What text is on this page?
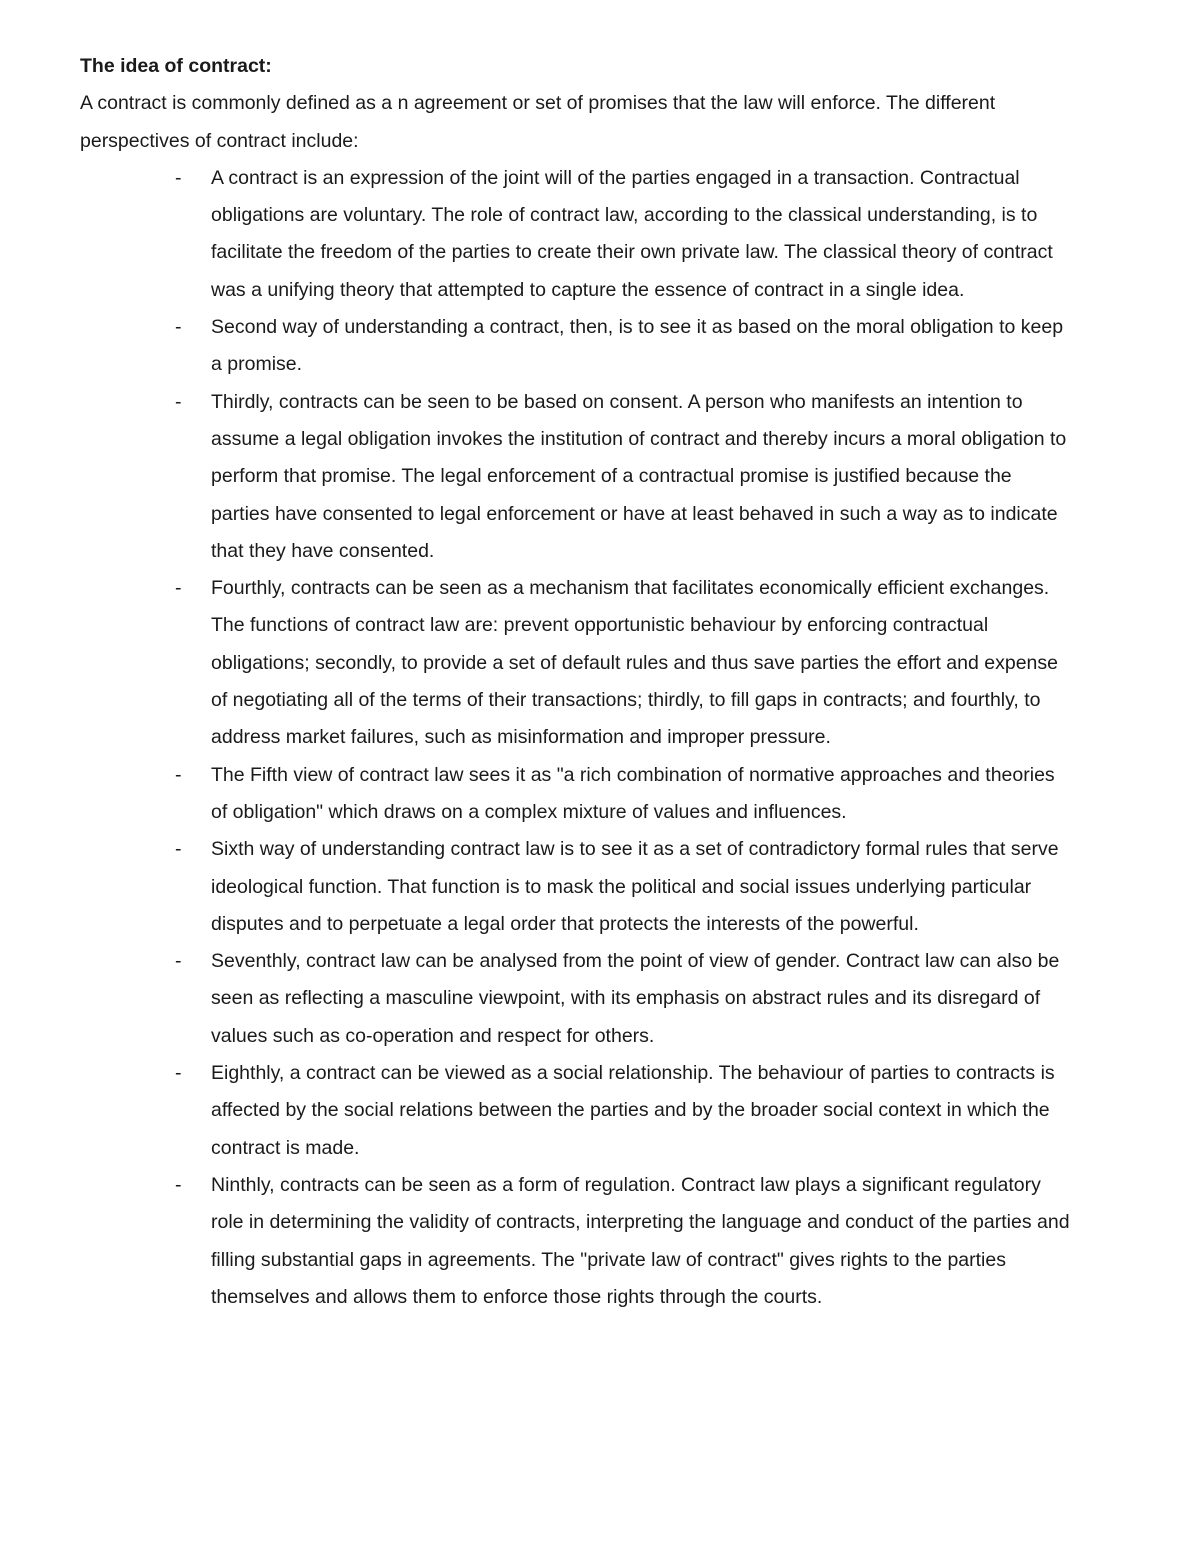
The idea of contract:

A contract is commonly defined as a n agreement or set of promises that the law will enforce. The different perspectives of contract include:

- A contract is an expression of the joint will of the parties engaged in a transaction. Contractual obligations are voluntary. The role of contract law, according to the classical understanding, is to facilitate the freedom of the parties to create their own private law. The classical theory of contract was a unifying theory that attempted to capture the essence of contract in a single idea.
- Second way of understanding a contract, then, is to see it as based on the moral obligation to keep a promise.
- Thirdly, contracts can be seen to be based on consent. A person who manifests an intention to assume a legal obligation invokes the institution of contract and thereby incurs a moral obligation to perform that promise. The legal enforcement of a contractual promise is justified because the parties have consented to legal enforcement or have at least behaved in such a way as to indicate that they have consented.
- Fourthly, contracts can be seen as a mechanism that facilitates economically efficient exchanges. The functions of contract law are: prevent opportunistic behaviour by enforcing contractual obligations; secondly, to provide a set of default rules and thus save parties the effort and expense of negotiating all of the terms of their transactions; thirdly, to fill gaps in contracts; and fourthly, to address market failures, such as misinformation and improper pressure.
- The Fifth view of contract law sees it as "a rich combination of normative approaches and theories of obligation" which draws on a complex mixture of values and influences.
- Sixth way of understanding contract law is to see it as a set of contradictory formal rules that serve ideological function. That function is to mask the political and social issues underlying particular disputes and to perpetuate a legal order that protects the interests of the powerful.
- Seventhly, contract law can be analysed from the point of view of gender. Contract law can also be seen as reflecting a masculine viewpoint, with its emphasis on abstract rules and its disregard of values such as co-operation and respect for others.
- Eighthly, a contract can be viewed as a social relationship. The behaviour of parties to contracts is affected by the social relations between the parties and by the broader social context in which the contract is made.
- Ninthly, contracts can be seen as a form of regulation. Contract law plays a significant regulatory role in determining the validity of contracts, interpreting the language and conduct of the parties and filling substantial gaps in agreements. The "private law of contract" gives rights to the parties themselves and allows them to enforce those rights through the courts.
